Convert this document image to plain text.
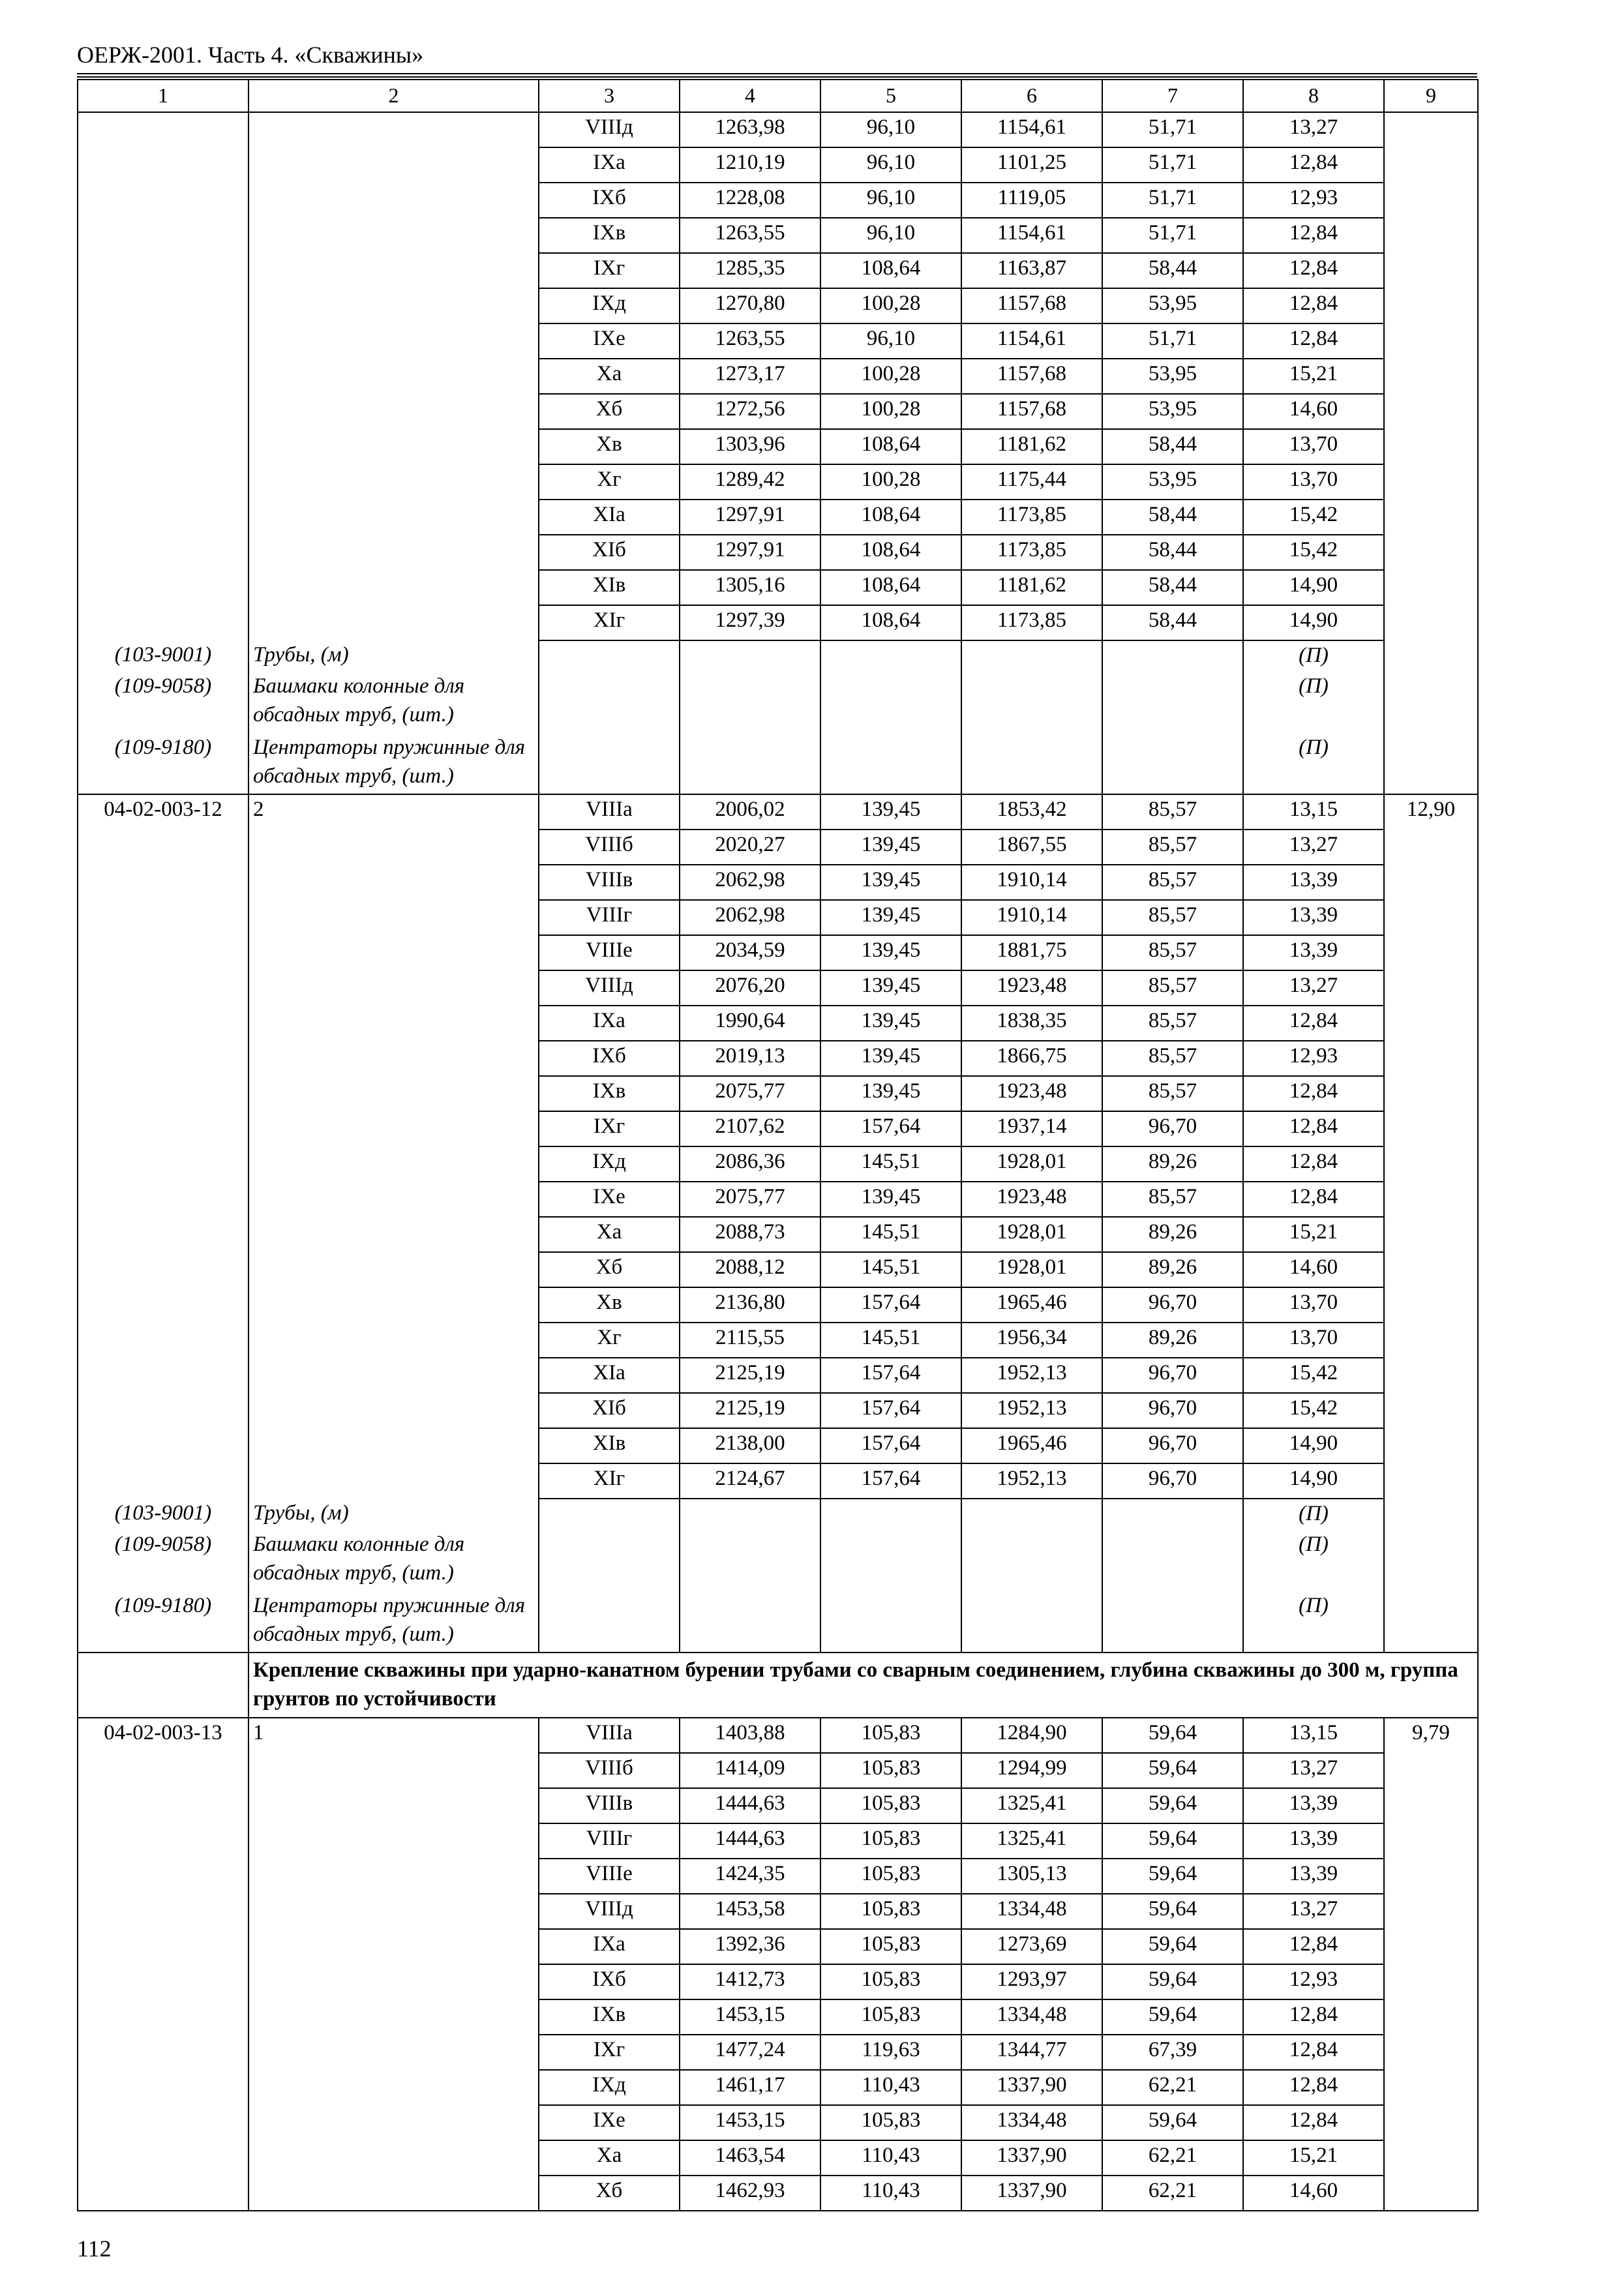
ОЕРЖ-2001. Часть 4. «Скважины»
1	2	3	4	5	6	7	8	9
		VIIIд	1263,98	96,10	1154,61	51,71	13,27	
		IXa	1210,19	96,10	1101,25	51,71	12,84	
		IXб	1228,08	96,10	1119,05	51,71	12,93	
		IXв	1263,55	96,10	1154,61	51,71	12,84	
		IXг	1285,35	108,64	1163,87	58,44	12,84	
		IXд	1270,80	100,28	1157,68	53,95	12,84	
		IXe	1263,55	96,10	1154,61	51,71	12,84	
		Xa	1273,17	100,28	1157,68	53,95	15,21	
		Xб	1272,56	100,28	1157,68	53,95	14,60	
		Xв	1303,96	108,64	1181,62	58,44	13,70	
		Xг	1289,42	100,28	1175,44	53,95	13,70	
		XIa	1297,91	108,64	1173,85	58,44	15,42	
		XIб	1297,91	108,64	1173,85	58,44	15,42	
		XIв	1305,16	108,64	1181,62	58,44	14,90	
		XIг	1297,39	108,64	1173,85	58,44	14,90	
(103-9001)	Трубы, (м)						(П)	
(109-9058)	Башмаки колонные для обсадных труб, (шт.)						(П)	
(109-9180)	Центраторы пружинные для обсадных труб, (шт.)						(П)	
04-02-003-12	2	VIIIa	2006,02	139,45	1853,42	85,57	13,15	12,90
		VIIIб	2020,27	139,45	1867,55	85,57	13,27	
		VIIIв	2062,98	139,45	1910,14	85,57	13,39	
		VIIIг	2062,98	139,45	1910,14	85,57	13,39	
		VIIIe	2034,59	139,45	1881,75	85,57	13,39	
		VIIIд	2076,20	139,45	1923,48	85,57	13,27	
		IXa	1990,64	139,45	1838,35	85,57	12,84	
		IXб	2019,13	139,45	1866,75	85,57	12,93	
		IXв	2075,77	139,45	1923,48	85,57	12,84	
		IXг	2107,62	157,64	1937,14	96,70	12,84	
		IXд	2086,36	145,51	1928,01	89,26	12,84	
		IXe	2075,77	139,45	1923,48	85,57	12,84	
		Xa	2088,73	145,51	1928,01	89,26	15,21	
		Xб	2088,12	145,51	1928,01	89,26	14,60	
		Xв	2136,80	157,64	1965,46	96,70	13,70	
		Xг	2115,55	145,51	1956,34	89,26	13,70	
		XIa	2125,19	157,64	1952,13	96,70	15,42	
		XIб	2125,19	157,64	1952,13	96,70	15,42	
		XIв	2138,00	157,64	1965,46	96,70	14,90	
		XIг	2124,67	157,64	1952,13	96,70	14,90	
(103-9001)	Трубы, (м)						(П)	
(109-9058)	Башмаки колонные для обсадных труб, (шт.)						(П)	
(109-9180)	Центраторы пружинные для обсадных труб, (шт.)						(П)	
	Крепление скважины при ударно-канатном бурении трубами со сварным соединением, глубина скважины до 300 м, группа грунтов по устойчивости							
04-02-003-13	1	VIIIa	1403,88	105,83	1284,90	59,64	13,15	9,79
		VIIIб	1414,09	105,83	1294,99	59,64	13,27	
		VIIIв	1444,63	105,83	1325,41	59,64	13,39	
		VIIIг	1444,63	105,83	1325,41	59,64	13,39	
		VIIIe	1424,35	105,83	1305,13	59,64	13,39	
		VIIIд	1453,58	105,83	1334,48	59,64	13,27	
		IXa	1392,36	105,83	1273,69	59,64	12,84	
		IXб	1412,73	105,83	1293,97	59,64	12,93	
		IXв	1453,15	105,83	1334,48	59,64	12,84	
		IXг	1477,24	119,63	1344,77	67,39	12,84	
		IXд	1461,17	110,43	1337,90	62,21	12,84	
		IXe	1453,15	105,83	1334,48	59,64	12,84	
		Xa	1463,54	110,43	1337,90	62,21	15,21	
		Xб	1462,93	110,43	1337,90	62,21	14,60	
112
